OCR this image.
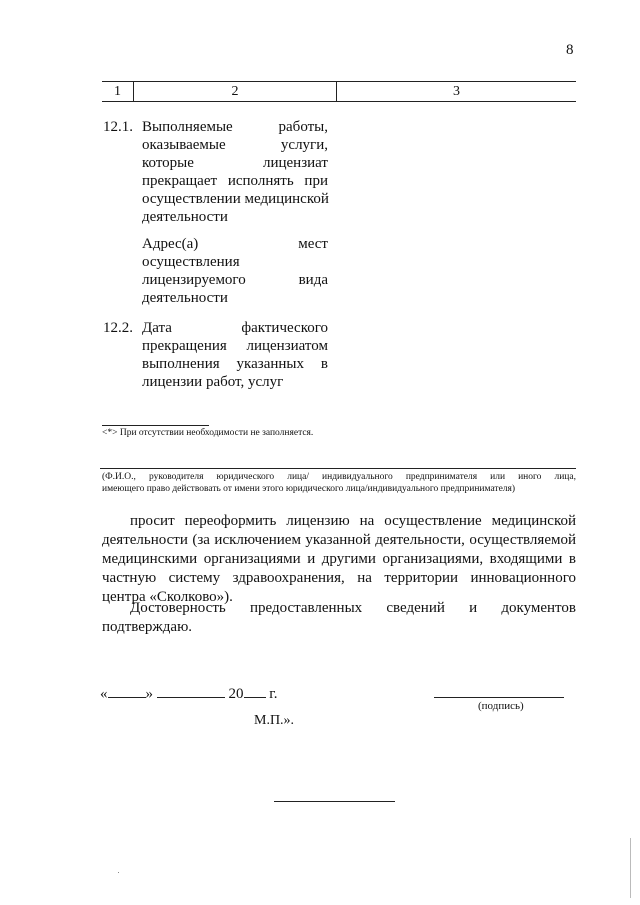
8
1	2	3
12.1. Выполняемые работы,
оказываемые услуги,
которые лицензиат
прекращает исполнять при
осуществлении медицинской
деятельности
Адрес(а) мест
осуществления
лицензируемого вида
деятельности
12.2. Дата фактического
прекращения лицензиатом
выполнения указанных в
лицензии работ, услуг
<*> При отсутствии необходимости не заполняется.
(Ф.И.О., руководителя юридического лица/ индивидуального предпринимателя или иного лица,
имеющего право действовать от имени этого юридического лица/индивидуального предпринимателя)
просит переоформить лицензию на осуществление медицинской
деятельности (за исключением указанной деятельности, осуществляемой
медицинскими организациями и другими организациями, входящими в
частную систему здравоохранения, на территории инновационного
центра «Сколково»).
Достоверность предоставленных сведений и документов
подтверждаю.
«	»	20 г.
(подпись)
М.П.».
